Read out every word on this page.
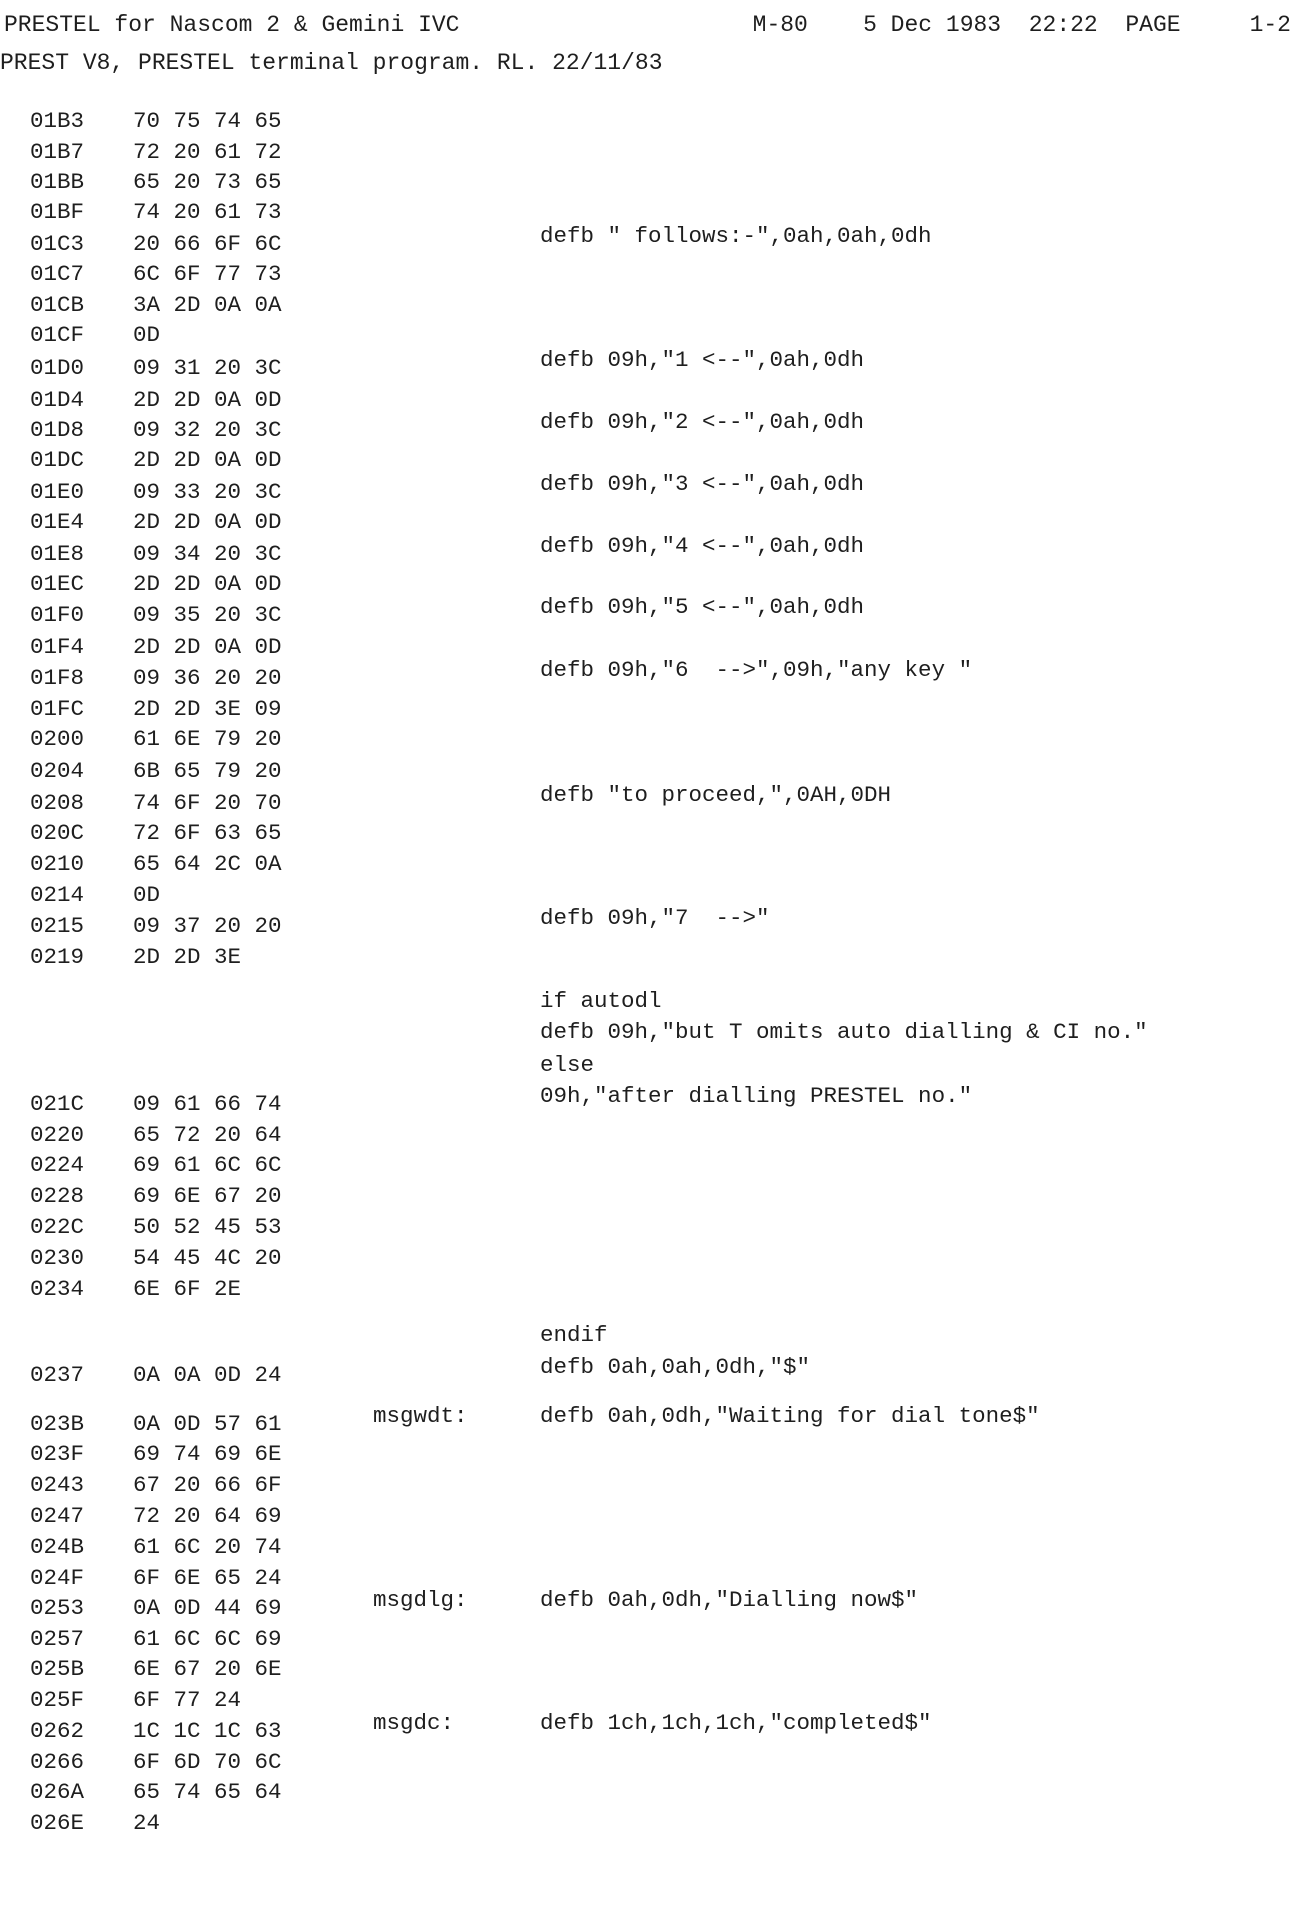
PRESTEL for Nascom 2 & Gemini IVC	M-80 5 Dec 1983 22:22 PAGE	1-2
PREST V8, PRESTEL terminal program. RL. 22/11/83
01B3 70 75 74 65
01B7 72 20 61 72
01BB 65 20 73 65
01BF 74 20 61 73
01C3 20 66 6F 6C	defb " follows:-",0ah,0ah,0dh
01C7 6C 6F 77 73
01CB 3A 2D 0A 0A
01CF 0D
01D0 09 31 20 3C	defb 09h,"1 <--",0ah,0dh
01D4 2D 2D 0A 0D
01D8 09 32 20 3C	defb 09h,"2 <--",0ah,0dh
01DC 2D 2D 0A 0D
01E0 09 33 20 3C	defb 09h,"3 <--",0ah,0dh
01E4 2D 2D 0A 0D
01E8 09 34 20 3C	defb 09h,"4 <--",0ah,0dh
01EC 2D 2D 0A 0D
01F0 09 35 20 3C	defb 09h,"5 <--",0ah,0dh
01F4 2D 2D 0A 0D
01F8 09 36 20 20	defb 09h,"6  -->",09h,"any key "
01FC 2D 2D 3E 09
0200 61 6E 79 20
0204 6B 65 79 20
0208 74 6F 20 70	defb "to proceed,",0AH,0DH
020C 72 6F 63 65
0210 65 64 2C 0A
0214 0D
0215 09 37 20 20	defb 09h,"7  -->"
0219 2D 2D 3E
if autodl
defb 09h,"but T omits auto dialling & CI no."
else
021C 09 61 66 74	09h,"after dialling PRESTEL no."
0220 65 72 20 64
0224 69 61 6C 6C
0228 69 6E 67 20
022C 50 52 45 53
0230 54 45 4C 20
0234 6E 6F 2E
endif
0237 0A 0A 0D 24	defb 0ah,0ah,0dh,"$"
023B 0A 0D 57 61	msgwdt:	defb 0ah,0dh,"Waiting for dial tone$"
023F 69 74 69 6E
0243 67 20 66 6F
0247 72 20 64 69
024B 61 6C 20 74
024F 6F 6E 65 24
0253 0A 0D 44 69	msgdlg:	defb 0ah,0dh,"Dialling now$"
0257 61 6C 6C 69
025B 6E 67 20 6E
025F 6F 77 24
0262 1C 1C 1C 63	msgdc:	defb 1ch,1ch,1ch,"completed$"
0266 6F 6D 70 6C
026A 65 74 65 64
026E 24
